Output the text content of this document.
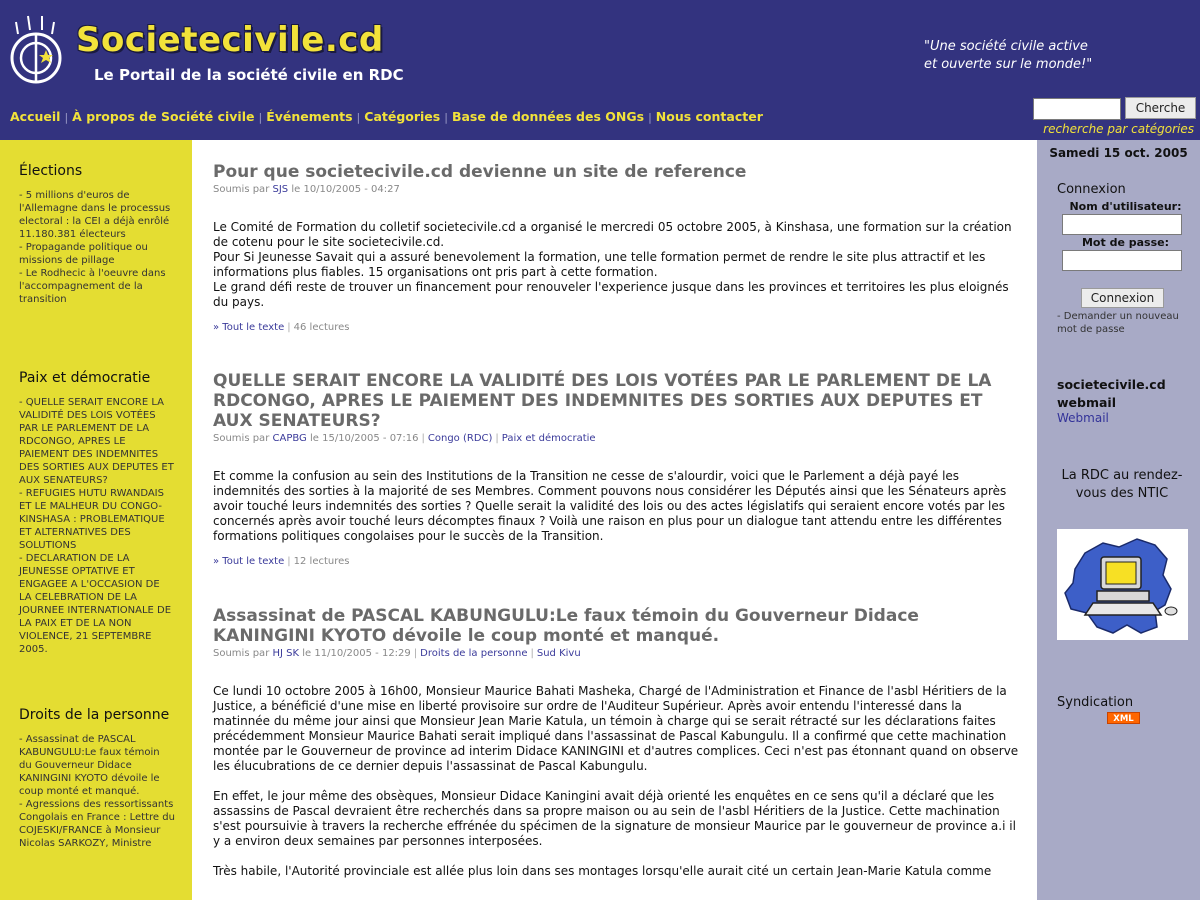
Societecivile.cd
Le Portail de la société civile en RDC
"Une société civile active
et ouverte sur le monde!"
Accueil | À propos de Société civile | Événements | Catégories | Base de données des ONGs | Nous contacter
Cherche
recherche par catégories
Élections
- 5 millions d'euros de l'Allemagne dans le processus electoral : la CEI a déjà enrôlé 11.180.381 électeurs
- Propagande politique ou missions de pillage
- Le Rodhecic à l'oeuvre dans l'accompagnement de la transition
Paix et démocratie
- QUELLE SERAIT ENCORE LA VALIDITÉ DES LOIS VOTÉES PAR LE PARLEMENT DE LA RDCONGO, APRES LE PAIEMENT DES INDEMNITES DES SORTIES AUX DEPUTES ET AUX SENATEURS?
- REFUGIES HUTU RWANDAIS ET LE MALHEUR DU CONGO-KINSHASA : PROBLEMATIQUE ET ALTERNATIVES DES SOLUTIONS
- DECLARATION DE LA JEUNESSE OPTATIVE ET ENGAGEE A L'OCCASION DE LA CELEBRATION DE LA JOURNEE INTERNATIONALE DE LA PAIX ET DE LA NON VIOLENCE, 21 SEPTEMBRE 2005.
Droits de la personne
- Assassinat de PASCAL KABUNGULU:Le faux témoin du Gouverneur Didace KANINGINI KYOTO dévoile le coup monté et manqué.
- Agressions des ressortissants Congolais en France : Lettre du COJESKI/FRANCE à Monsieur Nicolas SARKOZY, Ministre
Pour que societecivile.cd devienne un site de reference
Soumis par SJS le 10/10/2005 - 04:27

Le Comité de Formation du colletif societecivile.cd a organisé le mercredi 05 octobre 2005, à Kinshasa, une formation sur la création de cotenu pour le site societecivile.cd.
Pour Si Jeunesse Savait qui a assuré benevolement la formation, une telle formation permet de rendre le site plus attractif et les informations plus fiables. 15 organisations ont pris part à cette formation.
Le grand défi reste de trouver un financement pour renouveler l'experience jusque dans les provinces et territoires les plus eloignés du pays.

» Tout le texte | 46 lectures
QUELLE SERAIT ENCORE LA VALIDITÉ DES LOIS VOTÉES PAR LE PARLEMENT DE LA RDCONGO, APRES LE PAIEMENT DES INDEMNITES DES SORTIES AUX DEPUTES ET AUX SENATEURS?
Soumis par CAPBG le 15/10/2005 - 07:16 | Congo (RDC) | Paix et démocratie

Et comme la confusion au sein des Institutions de la Transition ne cesse de s'alourdir, voici que le Parlement a déjà payé les indemnités des sorties à la majorité de ses Membres. Comment pouvons nous considérer les Députés ainsi que les Sénateurs après avoir touché leurs indemnités des sorties ? Quelle serait la validité des lois ou des actes législatifs qui seraient encore votés par les concernés après avoir touché leurs décomptes finaux ? Voilà une raison en plus pour un dialogue tant attendu entre les différentes formations politiques congolaises pour le succès de la Transition.

» Tout le texte | 12 lectures
Assassinat de PASCAL KABUNGULU:Le faux témoin du Gouverneur Didace KANINGINI KYOTO dévoile le coup monté et manqué.
Soumis par HJ SK le 11/10/2005 - 12:29 | Droits de la personne | Sud Kivu

Ce lundi 10 octobre 2005 à 16h00, Monsieur Maurice Bahati Masheka, Chargé de l'Administration et Finance de l'asbl Héritiers de la Justice, a bénéficié d'une mise en liberté provisoire sur ordre de l'Auditeur Supérieur. Après avoir entendu l'interessé dans la matinnée du même jour ainsi que Monsieur Jean Marie Katula, un témoin à charge qui se serait rétracté sur les déclarations faites précédemment Monsieur Maurice Bahati serait impliqué dans l'assassinat de Pascal Kabungulu. Il a confirmé que cette machination montée par le Gouverneur de province ad interim Didace KANINGINI et d'autres complices. Ceci n'est pas étonnant quand on observe les élucubrations de ce dernier depuis l'assassinat de Pascal Kabungulu.

En effet, le jour même des obsèques, Monsieur Didace Kaningini avait déjà orienté les enquêtes en ce sens qu'il a déclaré que les assassins de Pascal devraient être recherchés dans sa propre maison ou au sein de l'asbl Héritiers de la Justice. Cette machination s'est poursuivie à travers la recherche effrénée du spécimen de la signature de monsieur Maurice par le gouverneur de province a.i il y a environ deux semaines par personnes interposées.

Très habile, l'Autorité provinciale est allée plus loin dans ses montages lorsqu'elle aurait cité un certain Jean-Marie Katula comme

Samedi 15 oct. 2005
Connexion
Nom d'utilisateur:
Mot de passe:
Connexion
- Demander un nouveau mot de passe
societecivile.cd webmail
Webmail
La RDC au rendez-vous des NTIC
Syndication
XML
